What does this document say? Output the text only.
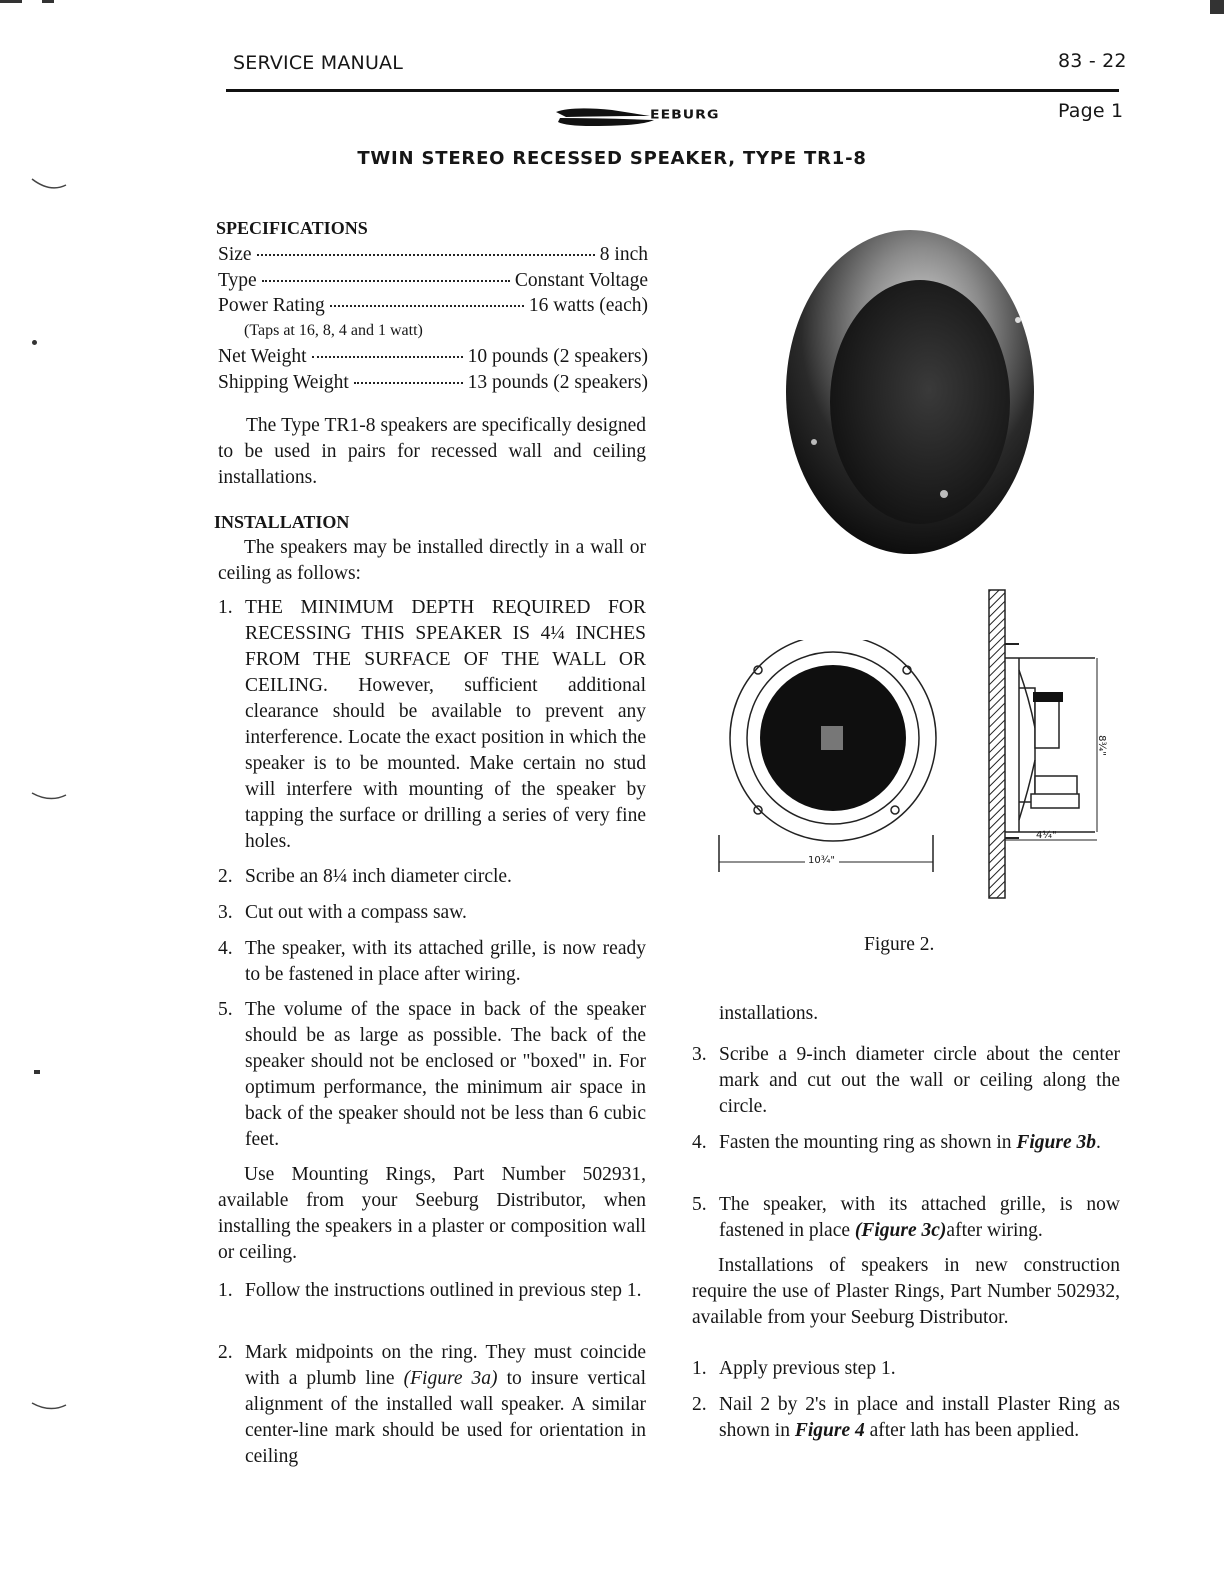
SERVICE MANUAL	83 - 22
Page 1
EEBURG
TWIN STEREO RECESSED SPEAKER, TYPE TR1-8
SPECIFICATIONS
Size	8 inch
Type	Constant Voltage
Power Rating	16 watts (each)
(Taps at 16, 8, 4 and 1 watt)
Net Weight	10 pounds (2 speakers)
Shipping Weight	13 pounds (2 speakers)
The Type TR1-8 speakers are specifically designed to be used in pairs for recessed wall and ceiling installations.
INSTALLATION
The speakers may be installed directly in a wall or ceiling as follows:
1. THE MINIMUM DEPTH REQUIRED FOR RECESSING THIS SPEAKER IS 4¼ INCHES FROM THE SURFACE OF THE WALL OR CEILING. However, sufficient additional clearance should be available to prevent any interference. Locate the exact position in which the speaker is to be mounted. Make certain no stud will interfere with mounting of the speaker by tapping the surface or drilling a series of very fine holes.
2. Scribe an 8¼ inch diameter circle.
3. Cut out with a compass saw.
4. The speaker, with its attached grille, is now ready to be fastened in place after wiring.
5. The volume of the space in back of the speaker should be as large as possible. The back of the speaker should not be enclosed or "boxed" in. For optimum performance, the minimum air space in back of the speaker should not be less than 6 cubic feet.
Use Mounting Rings, Part Number 502931, available from your Seeburg Distributor, when installing the speakers in a plaster or composition wall or ceiling.
1. Follow the instructions outlined in previous step 1.
2. Mark midpoints on the ring. They must coincide with a plumb line (Figure 3a) to insure vertical alignment of the installed wall speaker. A similar center-line mark should be used for orientation in ceiling
10¾"
8¾"
4¼"
Figure 2.
installations.
3. Scribe a 9-inch diameter circle about the center mark and cut out the wall or ceiling along the circle.
4. Fasten the mounting ring as shown in Figure 3b.
5. The speaker, with its attached grille, is now fastened in place (Figure 3c)after wiring.
Installations of speakers in new construction require the use of Plaster Rings, Part Number 502932, available from your Seeburg Distributor.
1. Apply previous step 1.
2. Nail 2 by 2's in place and install Plaster Ring as shown in Figure 4 after lath has been applied.
